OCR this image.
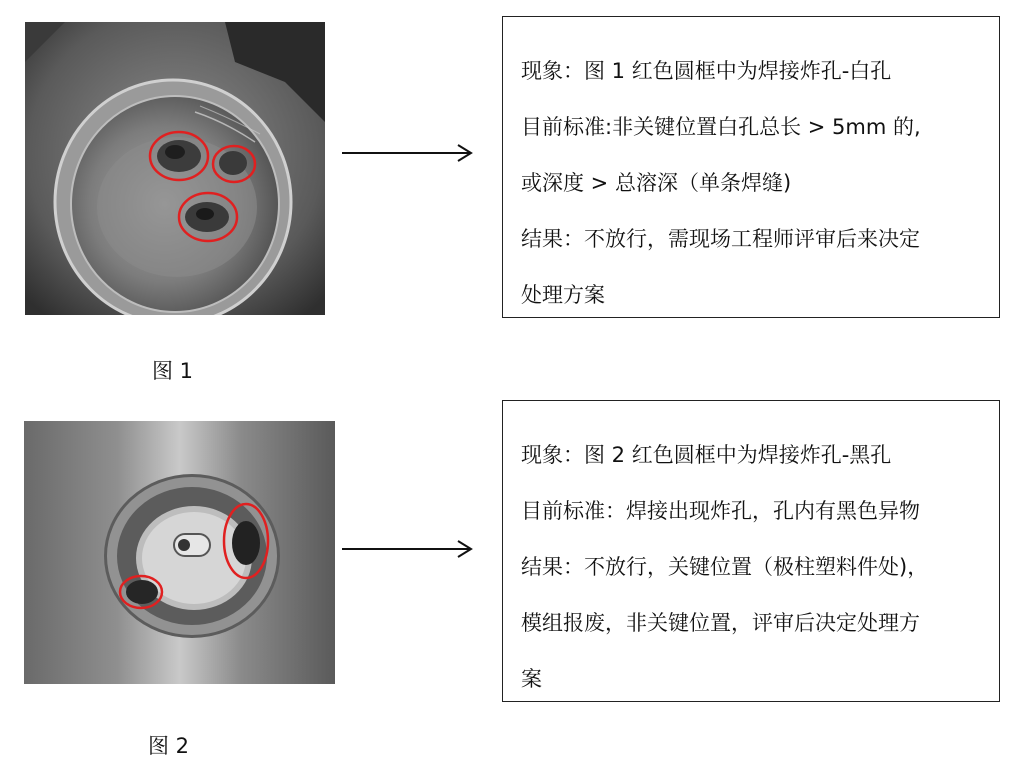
现象：图 1 红色圆框中为焊接炸孔-白孔
目前标准:非关键位置白孔总长 > 5mm 的,
或深度 > 总溶深（单条焊缝)
结果：不放行，需现场工程师评审后来决定
处理方案
图 1
现象：图 2 红色圆框中为焊接炸孔-黑孔
目前标准：焊接出现炸孔，孔内有黑色异物
结果：不放行，关键位置（极柱塑料件处)，
模组报废，非关键位置，评审后决定处理方
案
图 2
